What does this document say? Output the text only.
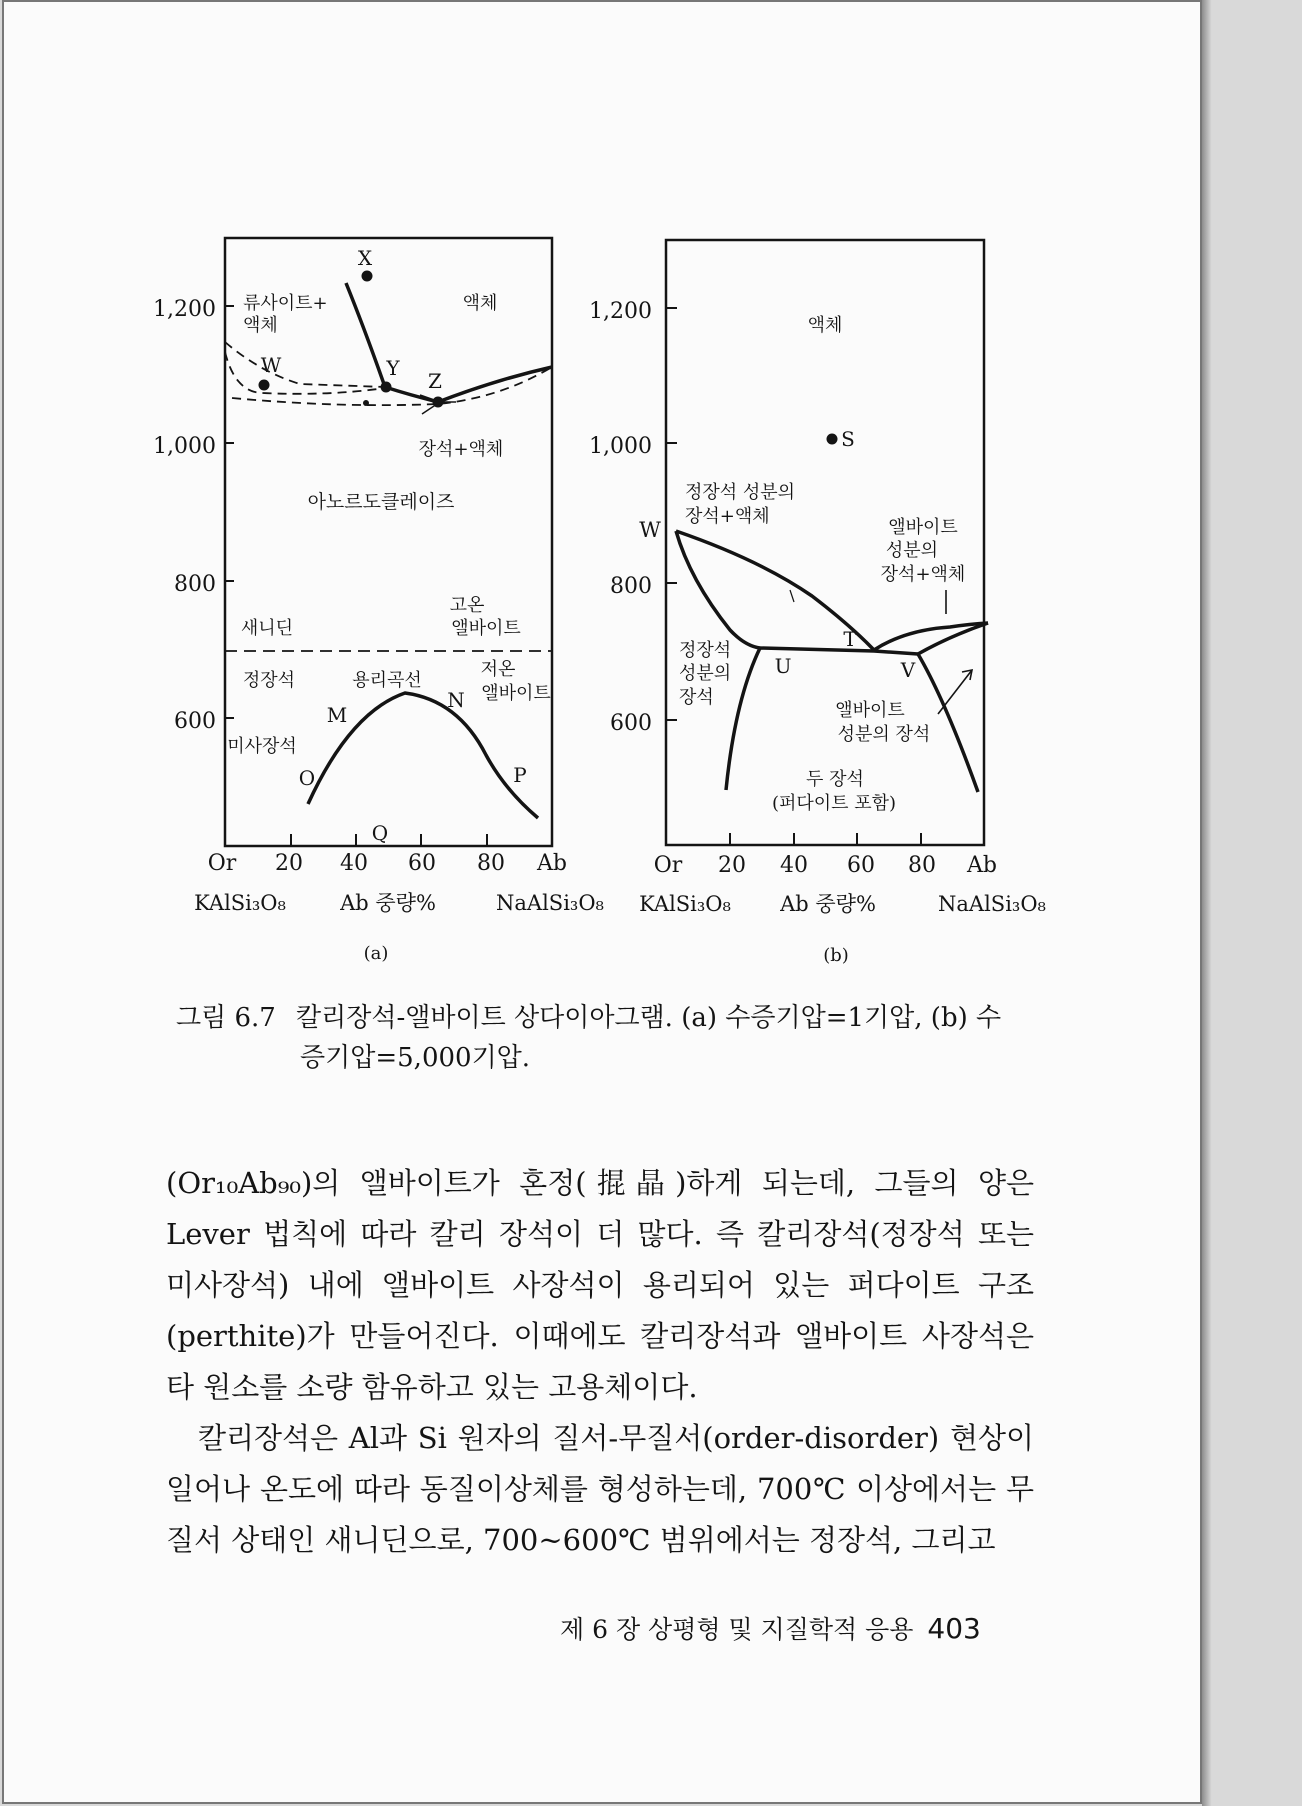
1,200
1,000
800
600
Or 20 40 60 80 Ab
KAlSi₃O₈	Ab 중량%	NaAlSi₃O₈
(a)
X
Y
Z
W
M
N
O	P
Q
류사이트+
액체
액체
장석+액체
아노르도클레이즈
새니딘
고온
앨바이트
정장석	용리곡선
저온
앨바이트
미사장석
1,200
1,000
800
600
Or 20 40 60 80 Ab
KAlSi₃O₈ Ab 중량%	NaAlSi₃O₈
(b)
S
W
T
U	V
액체
정장석 성분의
장석+액체
앨바이트
성분의
장석+액체
정장석
성분의
장석
앨바이트
성분의 장석
두 장석
(퍼다이트 포함)
그림 6.7 칼리장석-앨바이트 상다이아그램. (a) 수증기압=1기압, (b) 수
증기압=5,000기압.

(Or₁₀Ab₉₀)의 앨바이트가 혼정(掍晶)하게 되는데, 그들의 양은 Lever 법칙에 따라 칼리 장석이 더 많다. 즉 칼리장석(정장석 또는 미사장석) 내에 앨바이트 사장석이 용리되어 있는 퍼다이트 구조(perthite)가 만들어진다. 이때에도 칼리장석과 앨바이트 사장석은 타 원소를 소량 함유하고 있는 고용체이다.

칼리장석은 Al과 Si 원자의 질서-무질서(order-disorder) 현상이 일어나 온도에 따라 동질이상체를 형성하는데, 700℃ 이상에서는 무질서 상태인 새니딘으로, 700~600℃ 범위에서는 정장석, 그리고

제 6 장 상평형 및 지질학적 응용 403
